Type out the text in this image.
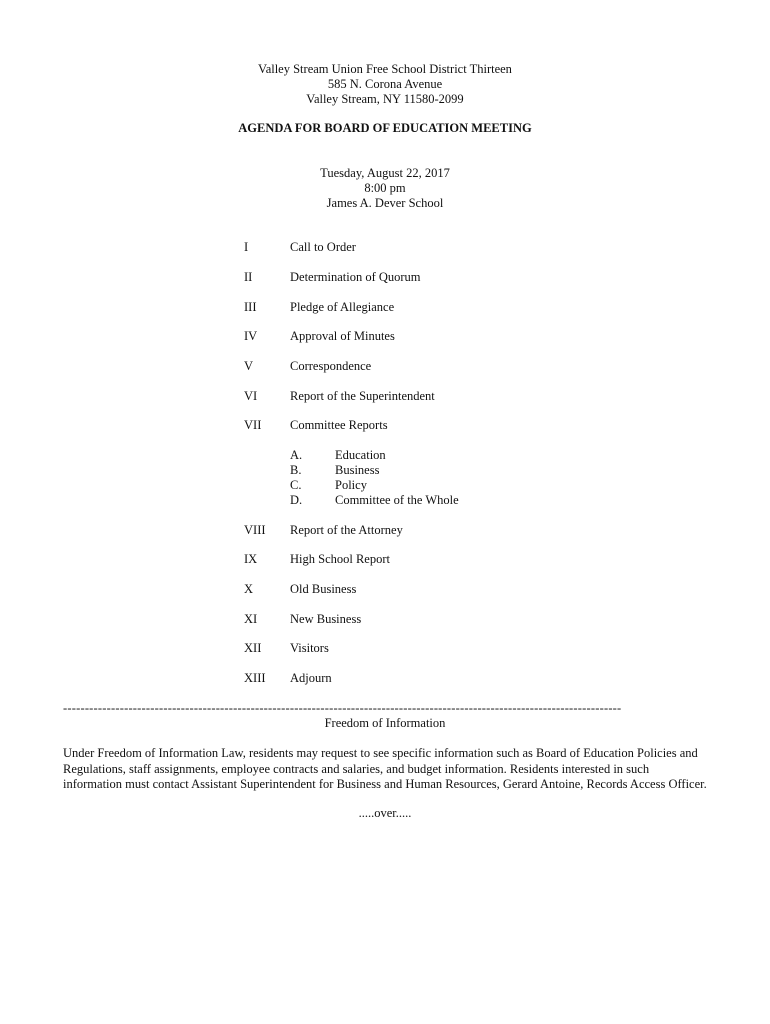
Valley Stream Union Free School District Thirteen
585 N. Corona Avenue
Valley Stream, NY 11580-2099
AGENDA FOR BOARD OF EDUCATION MEETING
Tuesday, August 22, 2017
8:00 pm
James A. Dever School
I	Call to Order
II	Determination of Quorum
III	Pledge of Allegiance
IV	Approval of Minutes
V	Correspondence
VI	Report of the Superintendent
VII Committee Reports
A.	Education
B.	Business
C.	Policy
D.	Committee of the Whole
VIII Report of the Attorney
IX	High School Report
X	Old Business
XI	New Business
XII Visitors
XIII Adjourn
--------------------------------------------------------------------------------------------------------------------------------
Freedom of Information
Under Freedom of Information Law, residents may request to see specific information such as Board of Education Policies and Regulations, staff assignments, employee contracts and salaries, and budget information. Residents interested in such information must contact Assistant Superintendent for Business and Human Resources, Gerard Antoine, Records Access Officer.
.....over.....
